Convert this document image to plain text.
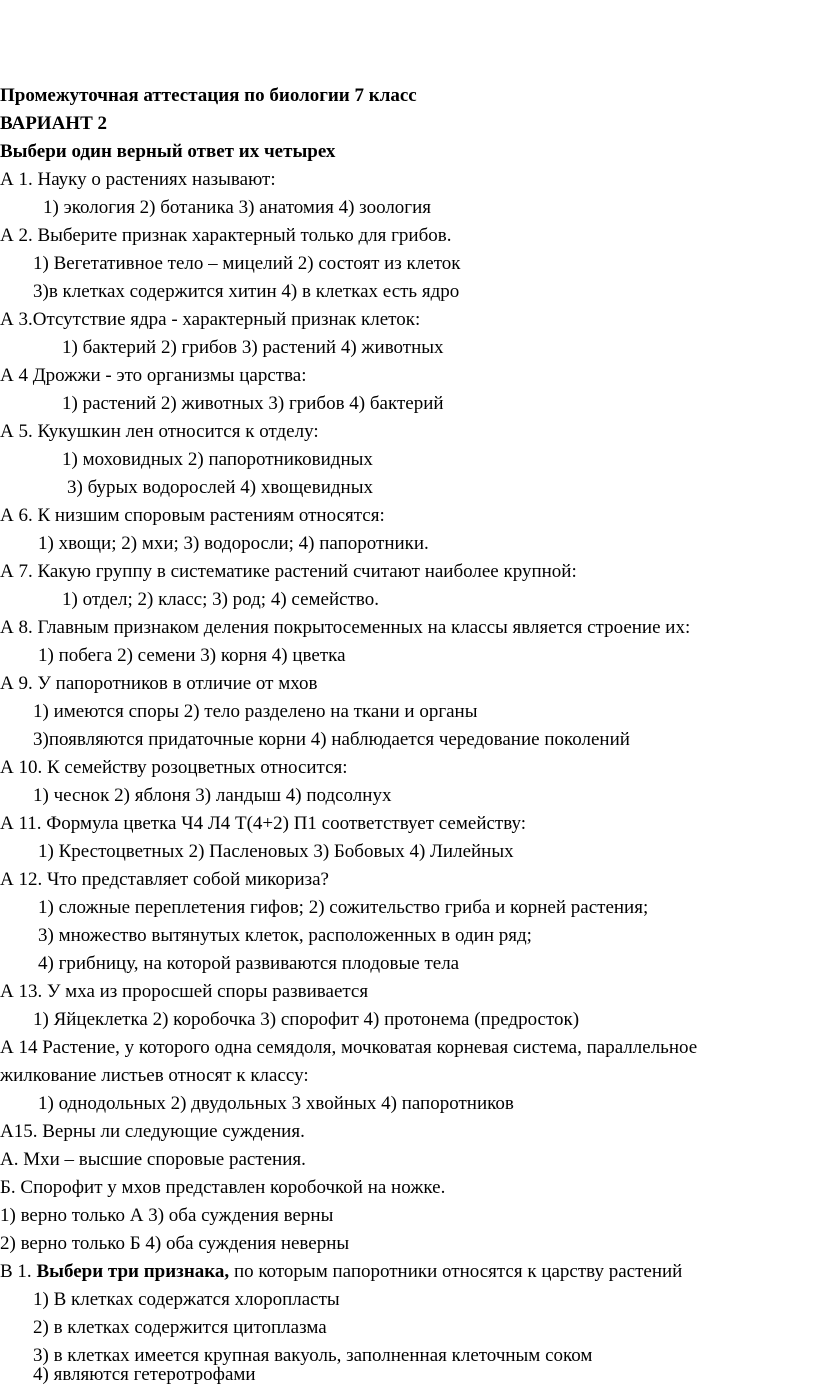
Промежуточная аттестация по биологии 7 класс
ВАРИАНТ 2
Выбери один верный ответ их четырех
А 1. Науку о растениях называют:
1) экология 2) ботаника 3) анатомия 4) зоология
А 2. Выберите признак характерный только для грибов.
1) Вегетативное тело – мицелий 2) состоят из клеток
3)в клетках содержится хитин 4) в клетках есть ядро
А 3.Отсутствие ядра - характерный признак клеток:
1) бактерий 2) грибов 3) растений 4) животных
А 4 Дрожжи - это организмы царства:
1) растений 2) животных 3) грибов 4) бактерий
А 5. Кукушкин лен относится к отделу:
1) моховидных 2) папоротниковидных
3) бурых водорослей 4) хвощевидных
А 6. К низшим споровым растениям относятся:
1) хвощи; 2) мхи; 3) водоросли; 4) папоротники.
А 7. Какую группу в систематике растений считают наиболее крупной:
1) отдел; 2) класс; 3) род; 4) семейство.
А 8. Главным признаком деления покрытосеменных на классы является строение их:
1) побега 2) семени 3) корня 4) цветка
А 9. У папоротников в отличие от мхов
1) имеются споры 2) тело разделено на ткани и органы
3)появляются придаточные корни 4) наблюдается чередование поколений
А 10. К семейству розоцветных относится:
1) чеснок 2) яблоня 3) ландыш 4) подсолнух
А 11. Формула цветка Ч4 Л4 Т(4+2) П1 соответствует семейству:
1) Крестоцветных 2) Пасленовых 3) Бобовых 4) Лилейных
А 12. Что представляет собой микориза?
1) сложные переплетения гифов; 2) сожительство гриба и корней растения;
3) множество вытянутых клеток, расположенных в один ряд;
4) грибницу, на которой развиваются плодовые тела
А 13. У мха из проросшей споры развивается
1) Яйцеклетка 2) коробочка 3) спорофит 4) протонема (предросток)
А 14 Растение, у которого одна семядоля, мочковатая корневая система, параллельное
жилкование листьев относят к классу:
1) однодольных 2) двудольных 3 хвойных 4) папоротников
А15. Верны ли следующие суждения.
А. Мхи – высшие споровые растения.
Б. Спорофит у мхов представлен коробочкой на ножке.
1) верно только А 3) оба суждения верны
2) верно только Б 4) оба суждения неверны
В 1. Выбери три признака, по которым папоротники относятся к царству растений
1) В клетках содержатся хлоропласты
2) в клетках содержится цитоплазма
3) в клетках имеется крупная вакуоль, заполненная клеточным соком
4) являются гетеротрофами
